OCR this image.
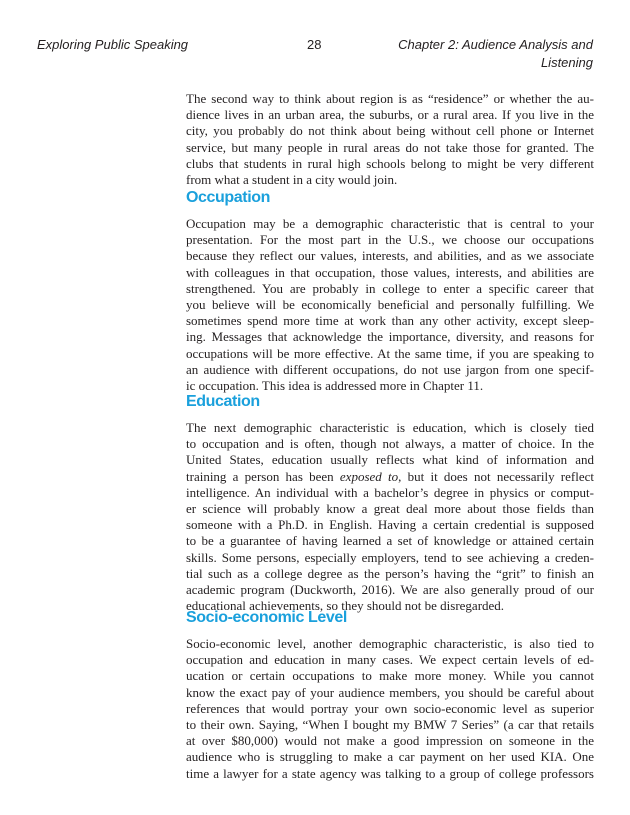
Exploring Public Speaking	28	Chapter 2: Audience Analysis and
Listening
The second way to think about region is as “residence” or whether the au-
dience lives in an urban area, the suburbs, or a rural area. If you live in the
city, you probably do not think about being without cell phone or Internet
service, but many people in rural areas do not take those for granted. The
clubs that students in rural high schools belong to might be very different
from what a student in a city would join.
Occupation
Occupation may be a demographic characteristic that is central to your
presentation. For the most part in the U.S., we choose our occupations
because they reflect our values, interests, and abilities, and as we associate
with colleagues in that occupation, those values, interests, and abilities are
strengthened. You are probably in college to enter a specific career that
you believe will be economically beneficial and personally fulfilling. We
sometimes spend more time at work than any other activity, except sleep-
ing. Messages that acknowledge the importance, diversity, and reasons for
occupations will be more effective. At the same time, if you are speaking to
an audience with different occupations, do not use jargon from one specif-
ic occupation. This idea is addressed more in Chapter 11.
Education
The next demographic characteristic is education, which is closely tied
to occupation and is often, though not always, a matter of choice. In the
United States, education usually reflects what kind of information and
training a person has been exposed to, but it does not necessarily reflect
intelligence. An individual with a bachelor’s degree in physics or comput-
er science will probably know a great deal more about those fields than
someone with a Ph.D. in English. Having a certain credential is supposed
to be a guarantee of having learned a set of knowledge or attained certain
skills. Some persons, especially employers, tend to see achieving a creden-
tial such as a college degree as the person’s having the “grit” to finish an
academic program (Duckworth, 2016). We are also generally proud of our
educational achievements, so they should not be disregarded.
Socio-economic Level
Socio-economic level, another demographic characteristic, is also tied to
occupation and education in many cases. We expect certain levels of ed-
ucation or certain occupations to make more money. While you cannot
know the exact pay of your audience members, you should be careful about
references that would portray your own socio-economic level as superior
to their own. Saying, “When I bought my BMW 7 Series” (a car that retails
at over $80,000) would not make a good impression on someone in the
audience who is struggling to make a car payment on her used KIA. One
time a lawyer for a state agency was talking to a group of college professors
